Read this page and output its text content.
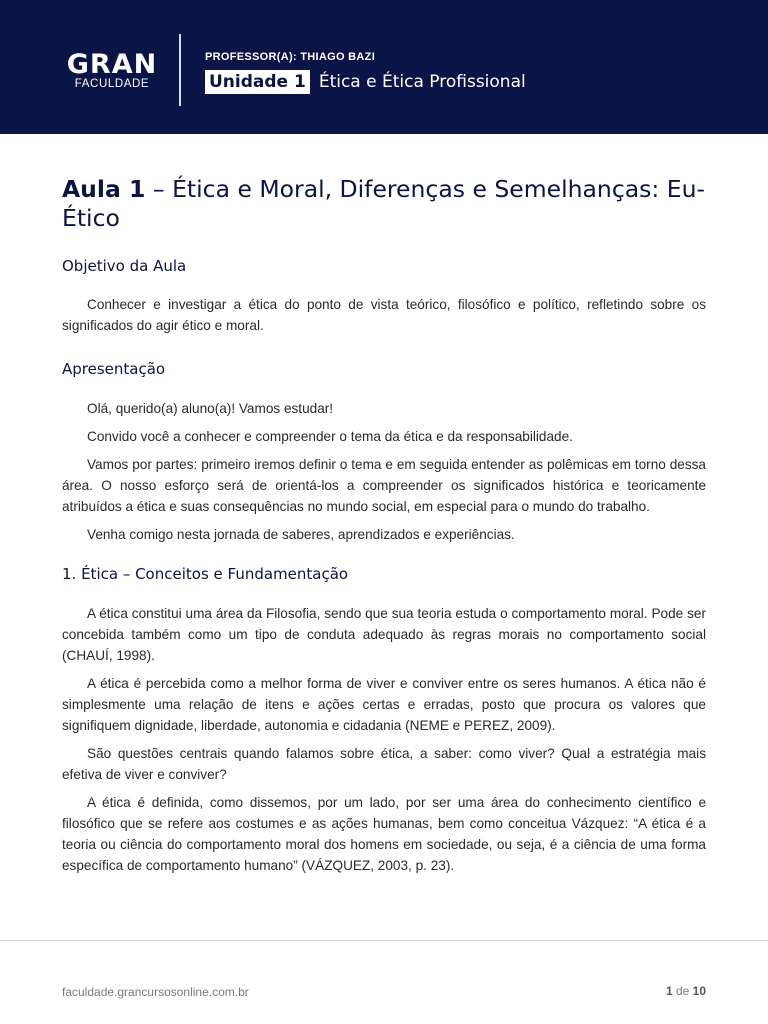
GRAN
FACULDADE
PROFESSOR(A): THIAGO BAZI
Unidade 1 Ética e Ética Profissional
Aula 1 – Ética e Moral, Diferenças e Semelhanças: Eu-Ético
Objetivo da Aula

Conhecer e investigar a ética do ponto de vista teórico, filosófico e político, refletindo sobre os significados do agir ético e moral.

Apresentação

Olá, querido(a) aluno(a)! Vamos estudar!

Convido você a conhecer e compreender o tema da ética e da responsabilidade.

Vamos por partes: primeiro iremos definir o tema e em seguida entender as polêmicas em torno dessa área. O nosso esforço será de orientá-los a compreender os significados histórica e teoricamente atribuídos a ética e suas consequências no mundo social, em especial para o mundo do trabalho.

Venha comigo nesta jornada de saberes, aprendizados e experiências.

1. Ética – Conceitos e Fundamentação

A ética constitui uma área da Filosofia, sendo que sua teoria estuda o comportamento moral. Pode ser concebida também como um tipo de conduta adequado às regras morais no comportamento social (CHAUÍ, 1998).

A ética é percebida como a melhor forma de viver e conviver entre os seres humanos. A ética não é simplesmente uma relação de itens e ações certas e erradas, posto que procura os valores que signifiquem dignidade, liberdade, autonomia e cidadania (NEME e PEREZ, 2009).

São questões centrais quando falamos sobre ética, a saber: como viver? Qual a estratégia mais efetiva de viver e conviver?

A ética é definida, como dissemos, por um lado, por ser uma área do conhecimento científico e filosófico que se refere aos costumes e as ações humanas, bem como conceitua Vázquez: “A ética é a teoria ou ciência do comportamento moral dos homens em sociedade, ou seja, é a ciência de uma forma específica de comportamento humano” (VÁZQUEZ, 2003, p. 23).

faculdade.grancursosonline.com.br	1 de 10
